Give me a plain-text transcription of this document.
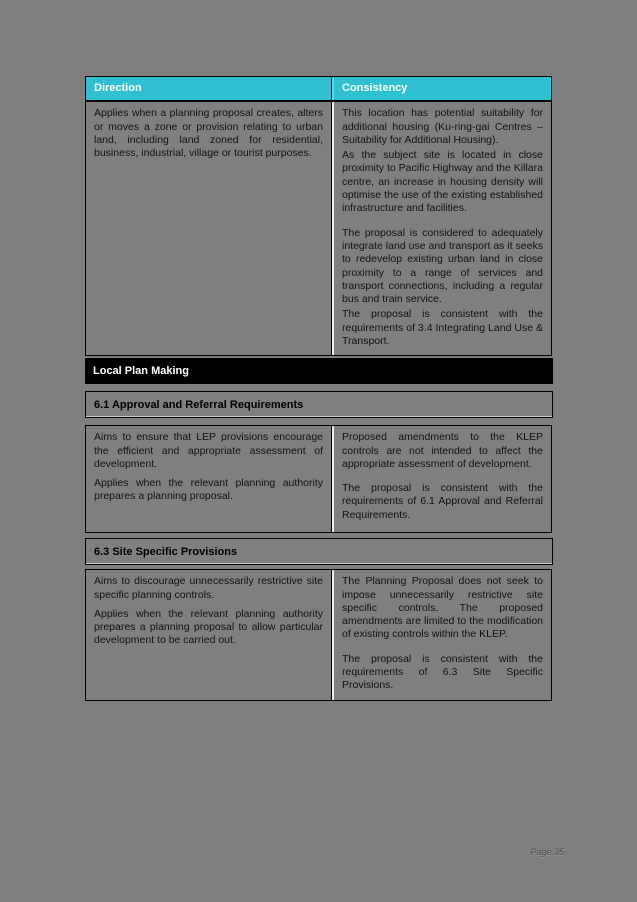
Direction	Consistency

Applies when a planning proposal creates, alters or moves a zone or provision relating to urban land, including land zoned for residential, business, industrial, village or tourist purposes.

This location has potential suitability for additional housing (Ku-ring-gai Centres – Suitability for Additional Housing).

As the subject site is located in close proximity to Pacific Highway and the Killara centre, an increase in housing density will optimise the use of the existing established infrastructure and facilities.

The proposal is considered to adequately integrate land use and transport as it seeks to redevelop existing urban land in close proximity to a range of services and transport connections, including a regular bus and train service.

The proposal is consistent with the requirements of 3.4 Integrating Land Use & Transport.

Local Plan Making
6.1 Approval and Referral Requirements

Aims to ensure that LEP provisions encourage the efficient and appropriate assessment of development.

Applies when the relevant planning authority prepares a planning proposal.

Proposed amendments to the KLEP controls are not intended to affect the appropriate assessment of development.

The proposal is consistent with the requirements of 6.1 Approval and Referral Requirements.

6.3 Site Specific Provisions

Aims to discourage unnecessarily restrictive site specific planning controls.

Applies when the relevant planning authority prepares a planning proposal to allow particular development to be carried out.

The Planning Proposal does not seek to impose unnecessarily restrictive site specific controls. The proposed amendments are limited to the modification of existing controls within the KLEP.

The proposal is consistent with the requirements of 6.3 Site Specific Provisions.

Page 35
